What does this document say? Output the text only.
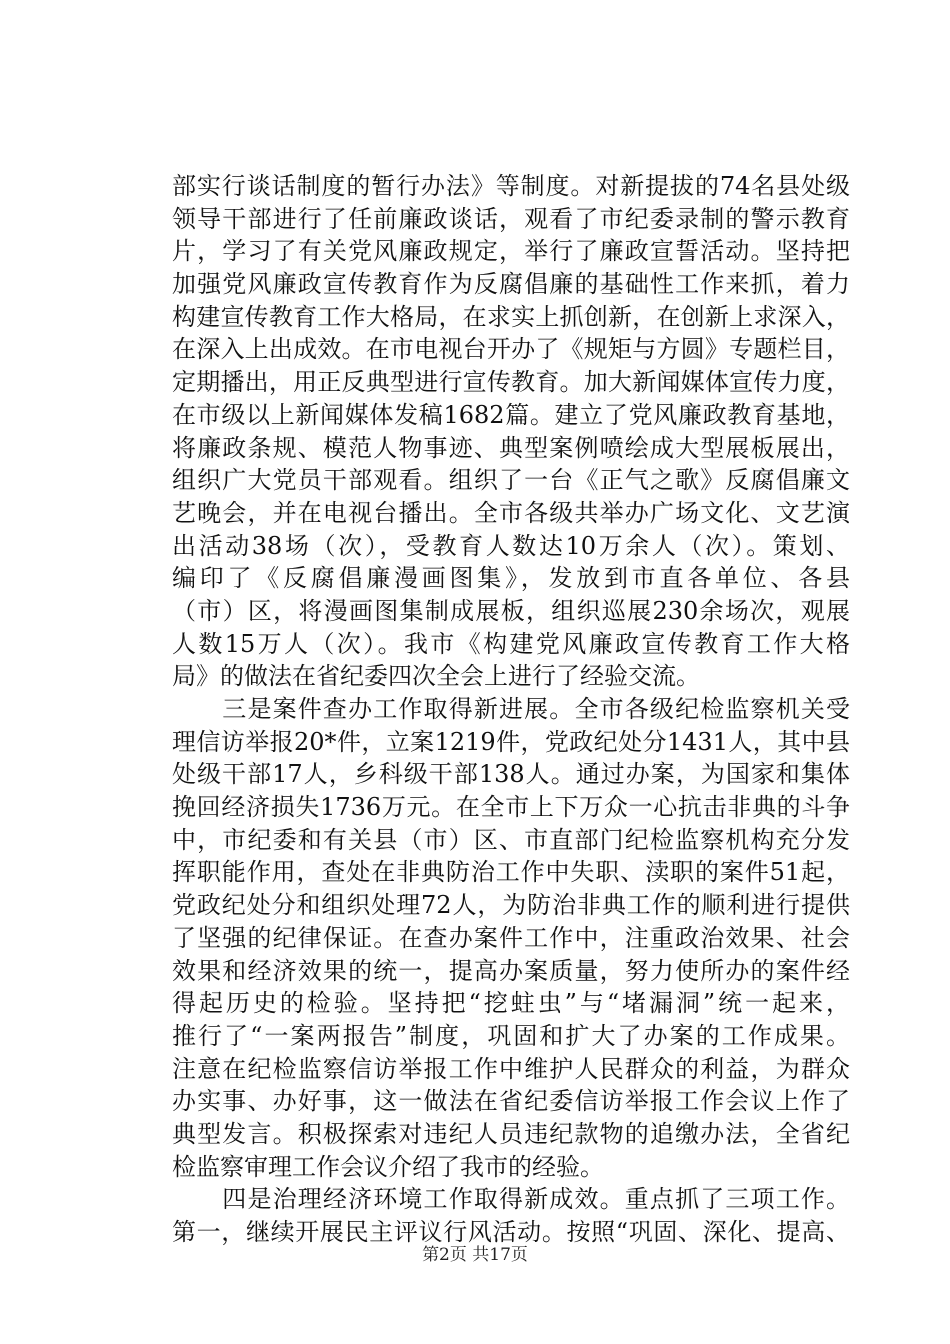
部实行谈话制度的暂行办法》等制度。对新提拔的74名县处级
领导干部进行了任前廉政谈话，观看了市纪委录制的警示教育
片，学习了有关党风廉政规定，举行了廉政宣誓活动。坚持把
加强党风廉政宣传教育作为反腐倡廉的基础性工作来抓，着力
构建宣传教育工作大格局，在求实上抓创新，在创新上求深入，
在深入上出成效。在市电视台开办了《规矩与方圆》专题栏目，
定期播出，用正反典型进行宣传教育。加大新闻媒体宣传力度，
在市级以上新闻媒体发稿1682篇。建立了党风廉政教育基地，
将廉政条规、模范人物事迹、典型案例喷绘成大型展板展出，
组织广大党员干部观看。组织了一台《正气之歌》反腐倡廉文
艺晚会，并在电视台播出。全市各级共举办广场文化、文艺演
出活动38场（次），受教育人数达10万余人（次）。策划、
编印了《反腐倡廉漫画图集》，发放到市直各单位、各县
（市）区，将漫画图集制成展板，组织巡展230余场次，观展
人数15万人（次）。我市《构建党风廉政宣传教育工作大格
局》的做法在省纪委四次全会上进行了经验交流。
　　三是案件查办工作取得新进展。全市各级纪检监察机关受
理信访举报20*件，立案1219件，党政纪处分1431人，其中县
处级干部17人，乡科级干部138人。通过办案，为国家和集体
挽回经济损失1736万元。在全市上下万众一心抗击非典的斗争
中，市纪委和有关县（市）区、市直部门纪检监察机构充分发
挥职能作用，查处在非典防治工作中失职、渎职的案件51起，
党政纪处分和组织处理72人，为防治非典工作的顺利进行提供
了坚强的纪律保证。在查办案件工作中，注重政治效果、社会
效果和经济效果的统一，提高办案质量，努力使所办的案件经
得起历史的检验。坚持把“挖蛀虫”与“堵漏洞”统一起来，
推行了“一案两报告”制度，巩固和扩大了办案的工作成果。
注意在纪检监察信访举报工作中维护人民群众的利益，为群众
办实事、办好事，这一做法在省纪委信访举报工作会议上作了
典型发言。积极探索对违纪人员违纪款物的追缴办法，全省纪
检监察审理工作会议介绍了我市的经验。
　　四是治理经济环境工作取得新成效。重点抓了三项工作。
第一，继续开展民主评议行风活动。按照“巩固、深化、提高、
第2页 共17页
